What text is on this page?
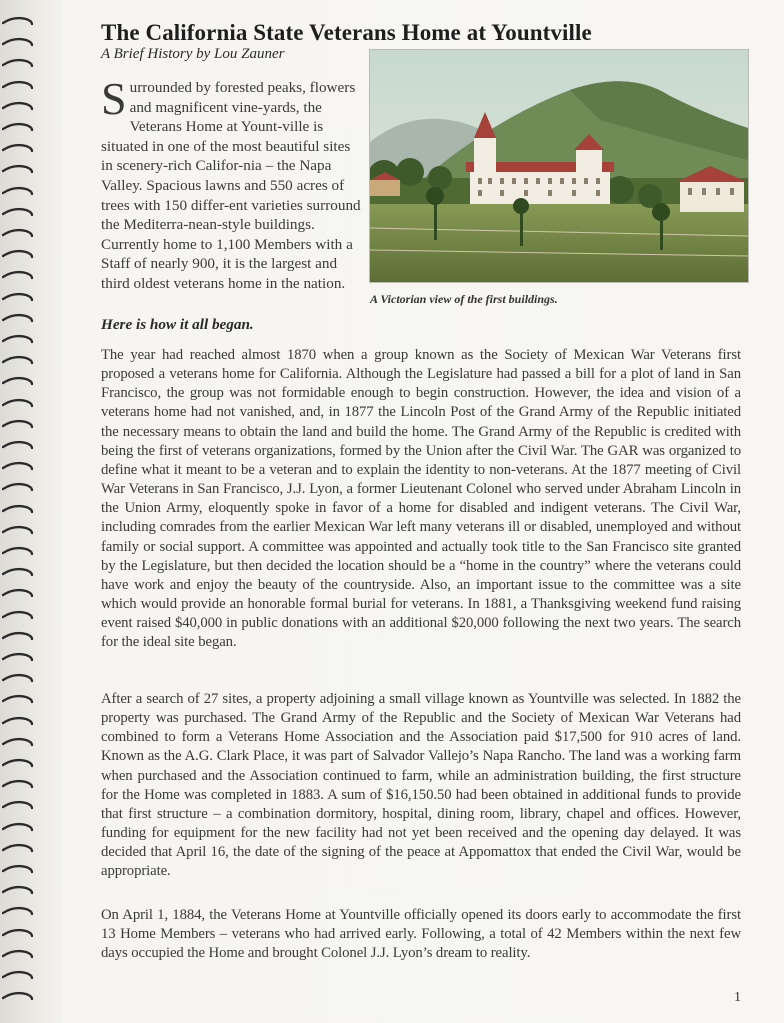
The California State Veterans Home at Yountville

A Brief History by Lou Zauner

Surrounded by forested peaks, flowers and magnificent vine-yards, the Veterans Home at Yount-ville is situated in one of the most beautiful sites in scenery-rich Califor-nia – the Napa Valley. Spacious lawns and 550 acres of trees with 150 differ-ent varieties surround the Mediterra-nean-style buildings. Currently home to 1,100 Members with a Staff of nearly 900, it is the largest and third oldest veterans home in the nation.

A Victorian view of the first buildings.

Here is how it all began.

The year had reached almost 1870 when a group known as the Society of Mexican War Veterans first proposed a veterans home for California. Although the Legislature had passed a bill for a plot of land in San Francisco, the group was not formidable enough to begin construction. However, the idea and vision of a veterans home had not vanished, and, in 1877 the Lincoln Post of the Grand Army of the Republic initiated the necessary means to obtain the land and build the home. The Grand Army of the Republic is credited with being the first of veterans organizations, formed by the Union after the Civil War. The GAR was organized to define what it meant to be a veteran and to explain the identity to non-veterans. At the 1877 meeting of Civil War Veterans in San Francisco, J.J. Lyon, a former Lieutenant Colonel who served under Abraham Lincoln in the Union Army, eloquently spoke in favor of a home for disabled and indigent veterans. The Civil War, including comrades from the earlier Mexican War left many veterans ill or disabled, unemployed and without family or social support. A committee was appointed and actually took title to the San Francisco site granted by the Legislature, but then decided the location should be a “home in the country” where the veterans could have work and enjoy the beauty of the countryside. Also, an important issue to the committee was a site which would provide an honorable formal burial for veterans. In 1881, a Thanksgiving weekend fund raising event raised $40,000 in public donations with an additional $20,000 following the next two years. The search for the ideal site began.

After a search of 27 sites, a property adjoining a small village known as Yountville was selected. In 1882 the property was purchased. The Grand Army of the Republic and the Society of Mexican War Veterans had combined to form a Veterans Home Association and the Association paid $17,500 for 910 acres of land. Known as the A.G. Clark Place, it was part of Salvador Vallejo’s Napa Rancho. The land was a working farm when purchased and the Association continued to farm, while an administration building, the first structure for the Home was completed in 1883. A sum of $16,150.50 had been obtained in additional funds to provide that first structure – a combination dormitory, hospital, dining room, library, chapel and offices. However, funding for equipment for the new facility had not yet been received and the opening day delayed. It was decided that April 16, the date of the signing of the peace at Appomattox that ended the Civil War, would be appropriate.

On April 1, 1884, the Veterans Home at Yountville officially opened its doors early to accommodate the first 13 Home Members – veterans who had arrived early. Following, a total of 42 Members within the next few days occupied the Home and brought Colonel J.J. Lyon’s dream to reality.

1
